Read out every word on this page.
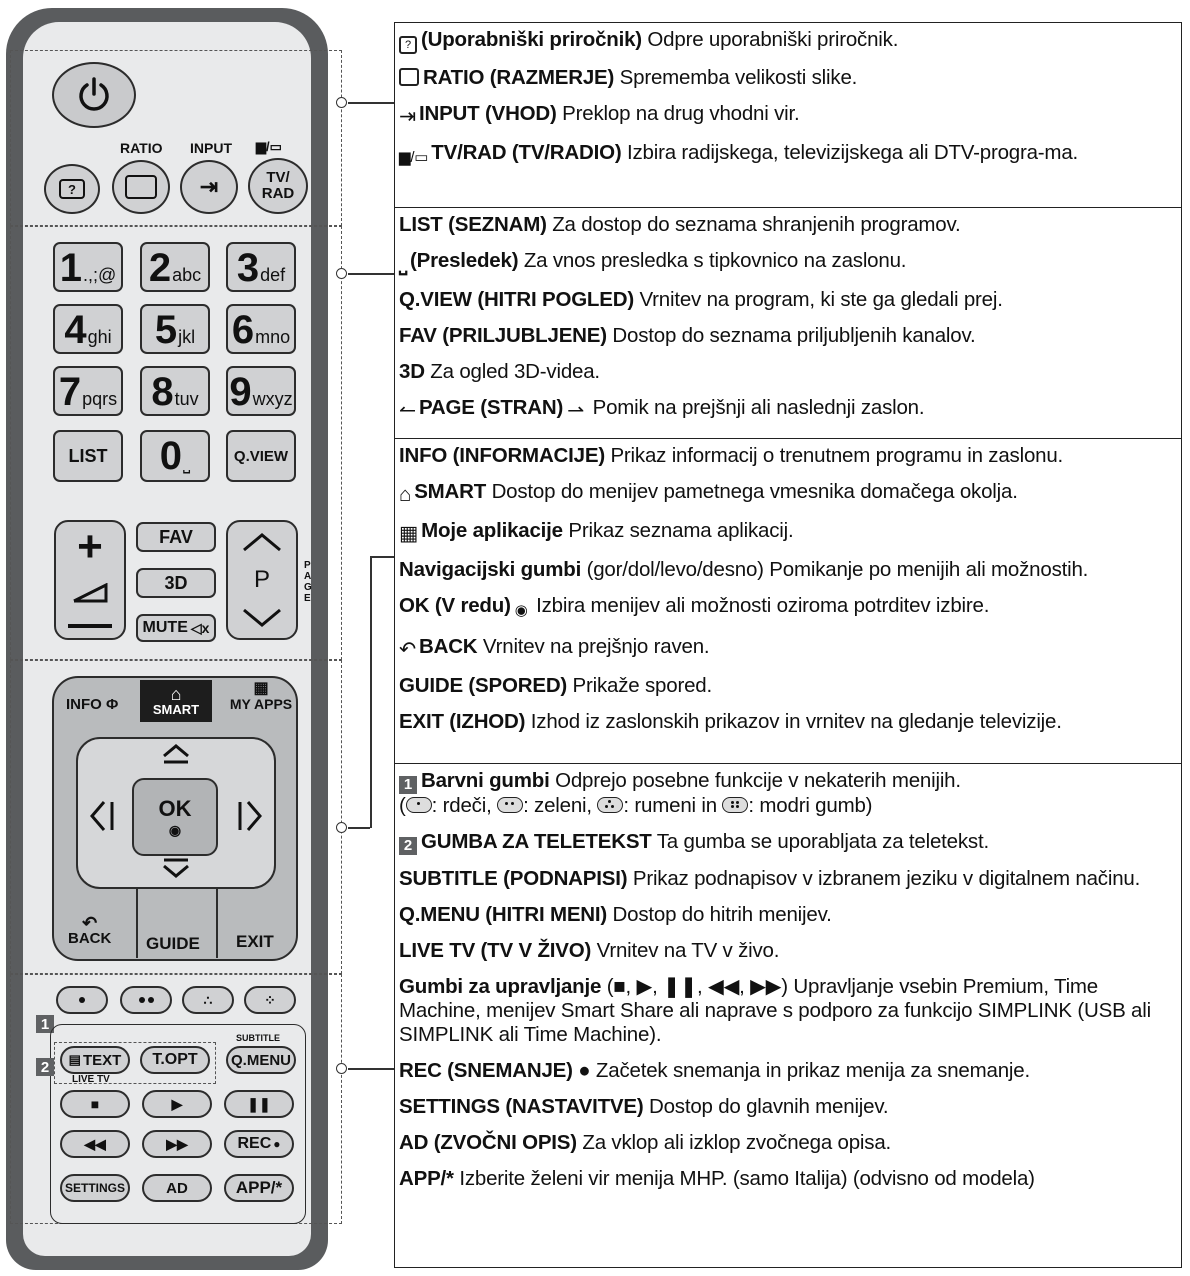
RATIO INPUT ▆/▭
?	⇥	TV/
RAD
1 .,;@ 2 abc 3 def
4 ghi 5 jkl 6 mno
7 pqrs 8 tuv 9 wxyz
LIST	0 ⎵	Q.VIEW
+	FAV
3D
MUTE ◁x
P
PAGE
INFO Φ
⌂
SMART
▦
MY APPS
OK
◉
↶
BACK GUIDE EXIT
1
∴	⁘
2
SUBTITLE
▤ TEXT	T.OPT	Q.MENU
LIVE TV
■	▶	❚❚
◀◀	▶▶	REC ●
SETTINGS	AD	APP/*
? (Uporabniški priročnik) Odpre uporabniški priročnik.
RATIO (RAZMERJE) Sprememba velikosti slike.
⇥ INPUT (VHOD) Preklop na drug vhodni vir.
▆/▭ TV/RAD (TV/RADIO) Izbira radijskega, televizijskega ali DTV-progra-ma.
LIST (SEZNAM) Za dostop do seznama shranjenih programov.
⎵ (Presledek) Za vnos presledka s tipkovnico na zaslonu.
Q.VIEW (HITRI POGLED) Vrnitev na program, ki ste ga gledali prej.
FAV (PRILJUBLJENE) Dostop do seznama priljubljenih kanalov.
3D Za ogled 3D-videa.
↼ PAGE (STRAN) ⇀ Pomik na prejšnji ali naslednji zaslon.
INFO (INFORMACIJE) Prikaz informacij o trenutnem programu in zaslonu.
⌂ SMART Dostop do menijev pametnega vmesnika domačega okolja.
▦ Moje aplikacije Prikaz seznama aplikacij.
Navigacijski gumbi (gor/dol/levo/desno) Pomikanje po menijih ali možnostih.
OK (V redu) ◉ Izbira menijev ali možnosti oziroma potrditev izbire.
↶ BACK Vrnitev na prejšnjo raven.
GUIDE (SPORED) Prikaže spored.
EXIT (IZHOD) Izhod iz zaslonskih prikazov in vrnitev na gledanje televizije.
1 Barvni gumbi Odprejo posebne funkcije v nekaterih menijih.
( : rdeči,
: zeleni,
: rumeni in
: modri gumb)
2 GUMBA ZA TELETEKST Ta gumba se uporabljata za teletekst.
SUBTITLE (PODNAPISI) Prikaz podnapisov v izbranem jeziku v digitalnem načinu.
Q.MENU (HITRI MENI) Dostop do hitrih menijev.
LIVE TV (TV V ŽIVO) Vrnitev na TV v živo.
Gumbi za upravljanje (■, ▶, ❚❚, ◀◀, ▶▶) Upravljanje vsebin Premium, Time Machine, menijev Smart Share ali naprave s podporo za funkcijo SIMPLINK (USB ali SIMPLINK ali Time Machine).
REC (SNEMANJE) ● Začetek snemanja in prikaz menija za snemanje.
SETTINGS (NASTAVITVE) Dostop do glavnih menijev.
AD (ZVOČNI OPIS) Za vklop ali izklop zvočnega opisa.
APP/* Izberite želeni vir menija MHP. (samo Italija) (odvisno od modela)
